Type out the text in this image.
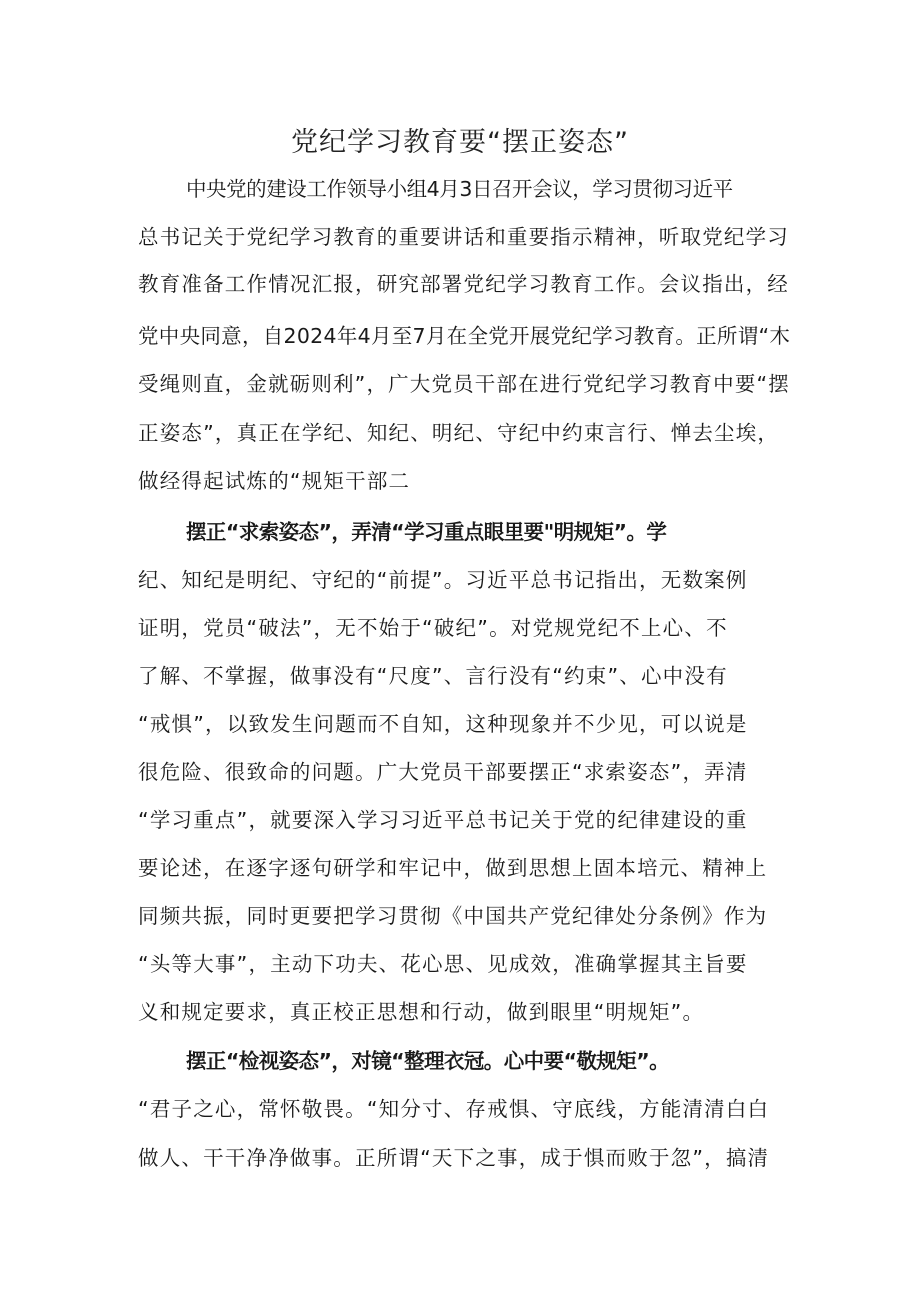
党纪学习教育要“摆正姿态”
中央党的建设工作领导小组4月3日召开会议，学习贯彻习近平
总书记关于党纪学习教育的重要讲话和重要指示精神，听取党纪学习
教育准备工作情况汇报，研究部署党纪学习教育工作。会议指出，经
党中央同意，自2024年4月至7月在全党开展党纪学习教育。正所谓“木
受绳则直，金就砺则利”，广大党员干部在进行党纪学习教育中要“摆
正姿态”，真正在学纪、知纪、明纪、守纪中约束言行、惮去尘埃，
做经得起试炼的“规矩干部二
摆正“求索姿态”，弄清“学习重点眼里要"明规矩”。学
纪、知纪是明纪、守纪的“前提”。习近平总书记指出，无数案例
证明，党员“破法”，无不始于“破纪”。对党规党纪不上心、不
了解、不掌握，做事没有“尺度”、言行没有“约束”、心中没有
“戒惧”，以致发生问题而不自知，这种现象并不少见，可以说是
很危险、很致命的问题。广大党员干部要摆正“求索姿态”，弄清
“学习重点”，就要深入学习习近平总书记关于党的纪律建设的重
要论述，在逐字逐句研学和牢记中，做到思想上固本培元、精神上
同频共振，同时更要把学习贯彻《中国共产党纪律处分条例》作为
“头等大事”，主动下功夫、花心思、见成效，准确掌握其主旨要
义和规定要求，真正校正思想和行动，做到眼里“明规矩”。
摆正“检视姿态”，对镜“整理衣冠。心中要“敬规矩”。
“君子之心，常怀敬畏。“知分寸、存戒惧、守底线，方能清清白白
做人、干干净净做事。正所谓“天下之事，成于惧而败于忽”，搞清
